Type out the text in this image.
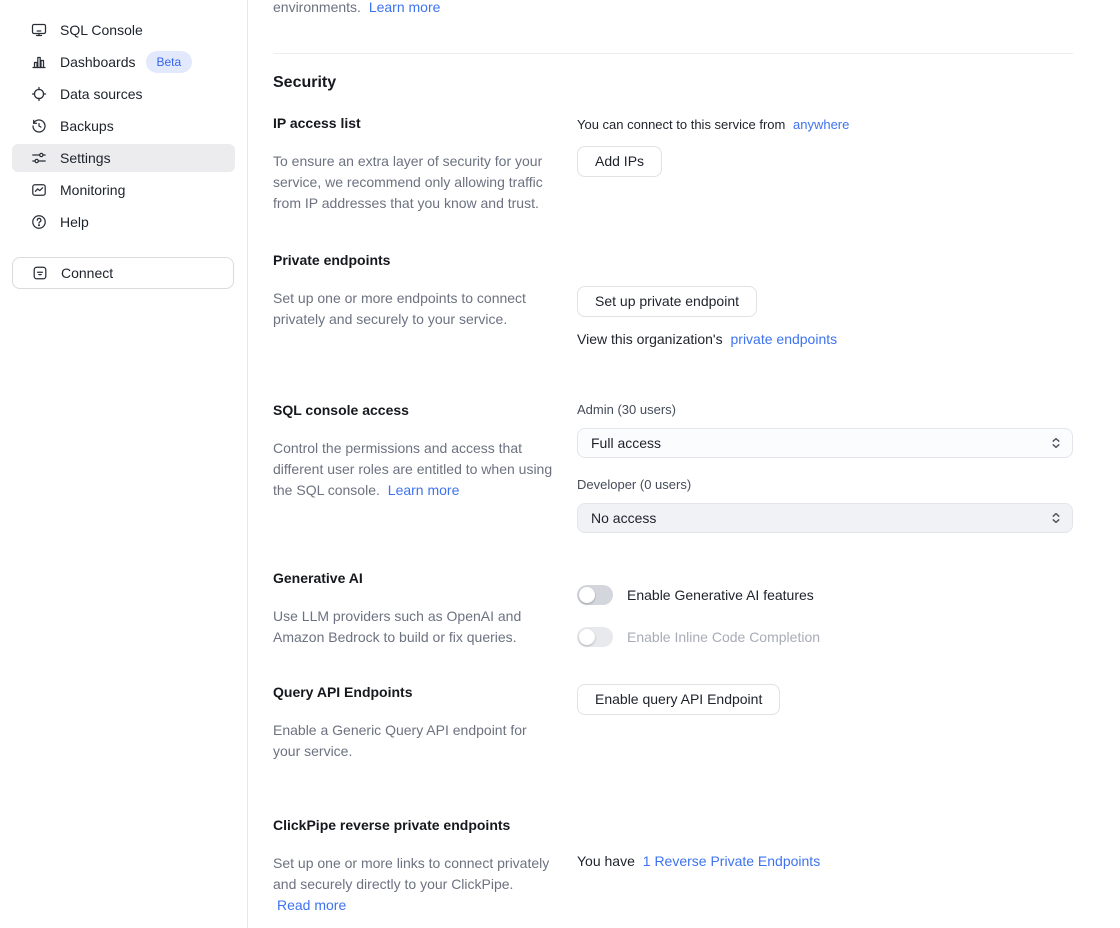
SQL Console
Dashboards	Beta
Data sources
Backups
Settings
Monitoring
Help
Connect

environments. Learn more

Security
IP access list

To ensure an extra layer of security for your service, we recommend only allowing traffic from IP addresses that you know and trust.

You can connect to this service from anywhere

Add IPs
Private endpoints

Set up one or more endpoints to connect privately and securely to your service.

Set up private endpoint

View this organization's private endpoints

SQL console access

Control the permissions and access that different user roles are entitled to when using the SQL console. Learn more

Admin (30 users)
Full access
Developer (0 users)
No access
Generative AI

Use LLM providers such as OpenAI and Amazon Bedrock to build or fix queries.

Enable Generative AI features
Enable Inline Code Completion
Query API Endpoints

Enable a Generic Query API endpoint for your service.

Enable query API Endpoint
ClickPipe reverse private endpoints

Set up one or more links to connect privately and securely directly to your ClickPipe. Read more

You have 1 Reverse Private Endpoints
